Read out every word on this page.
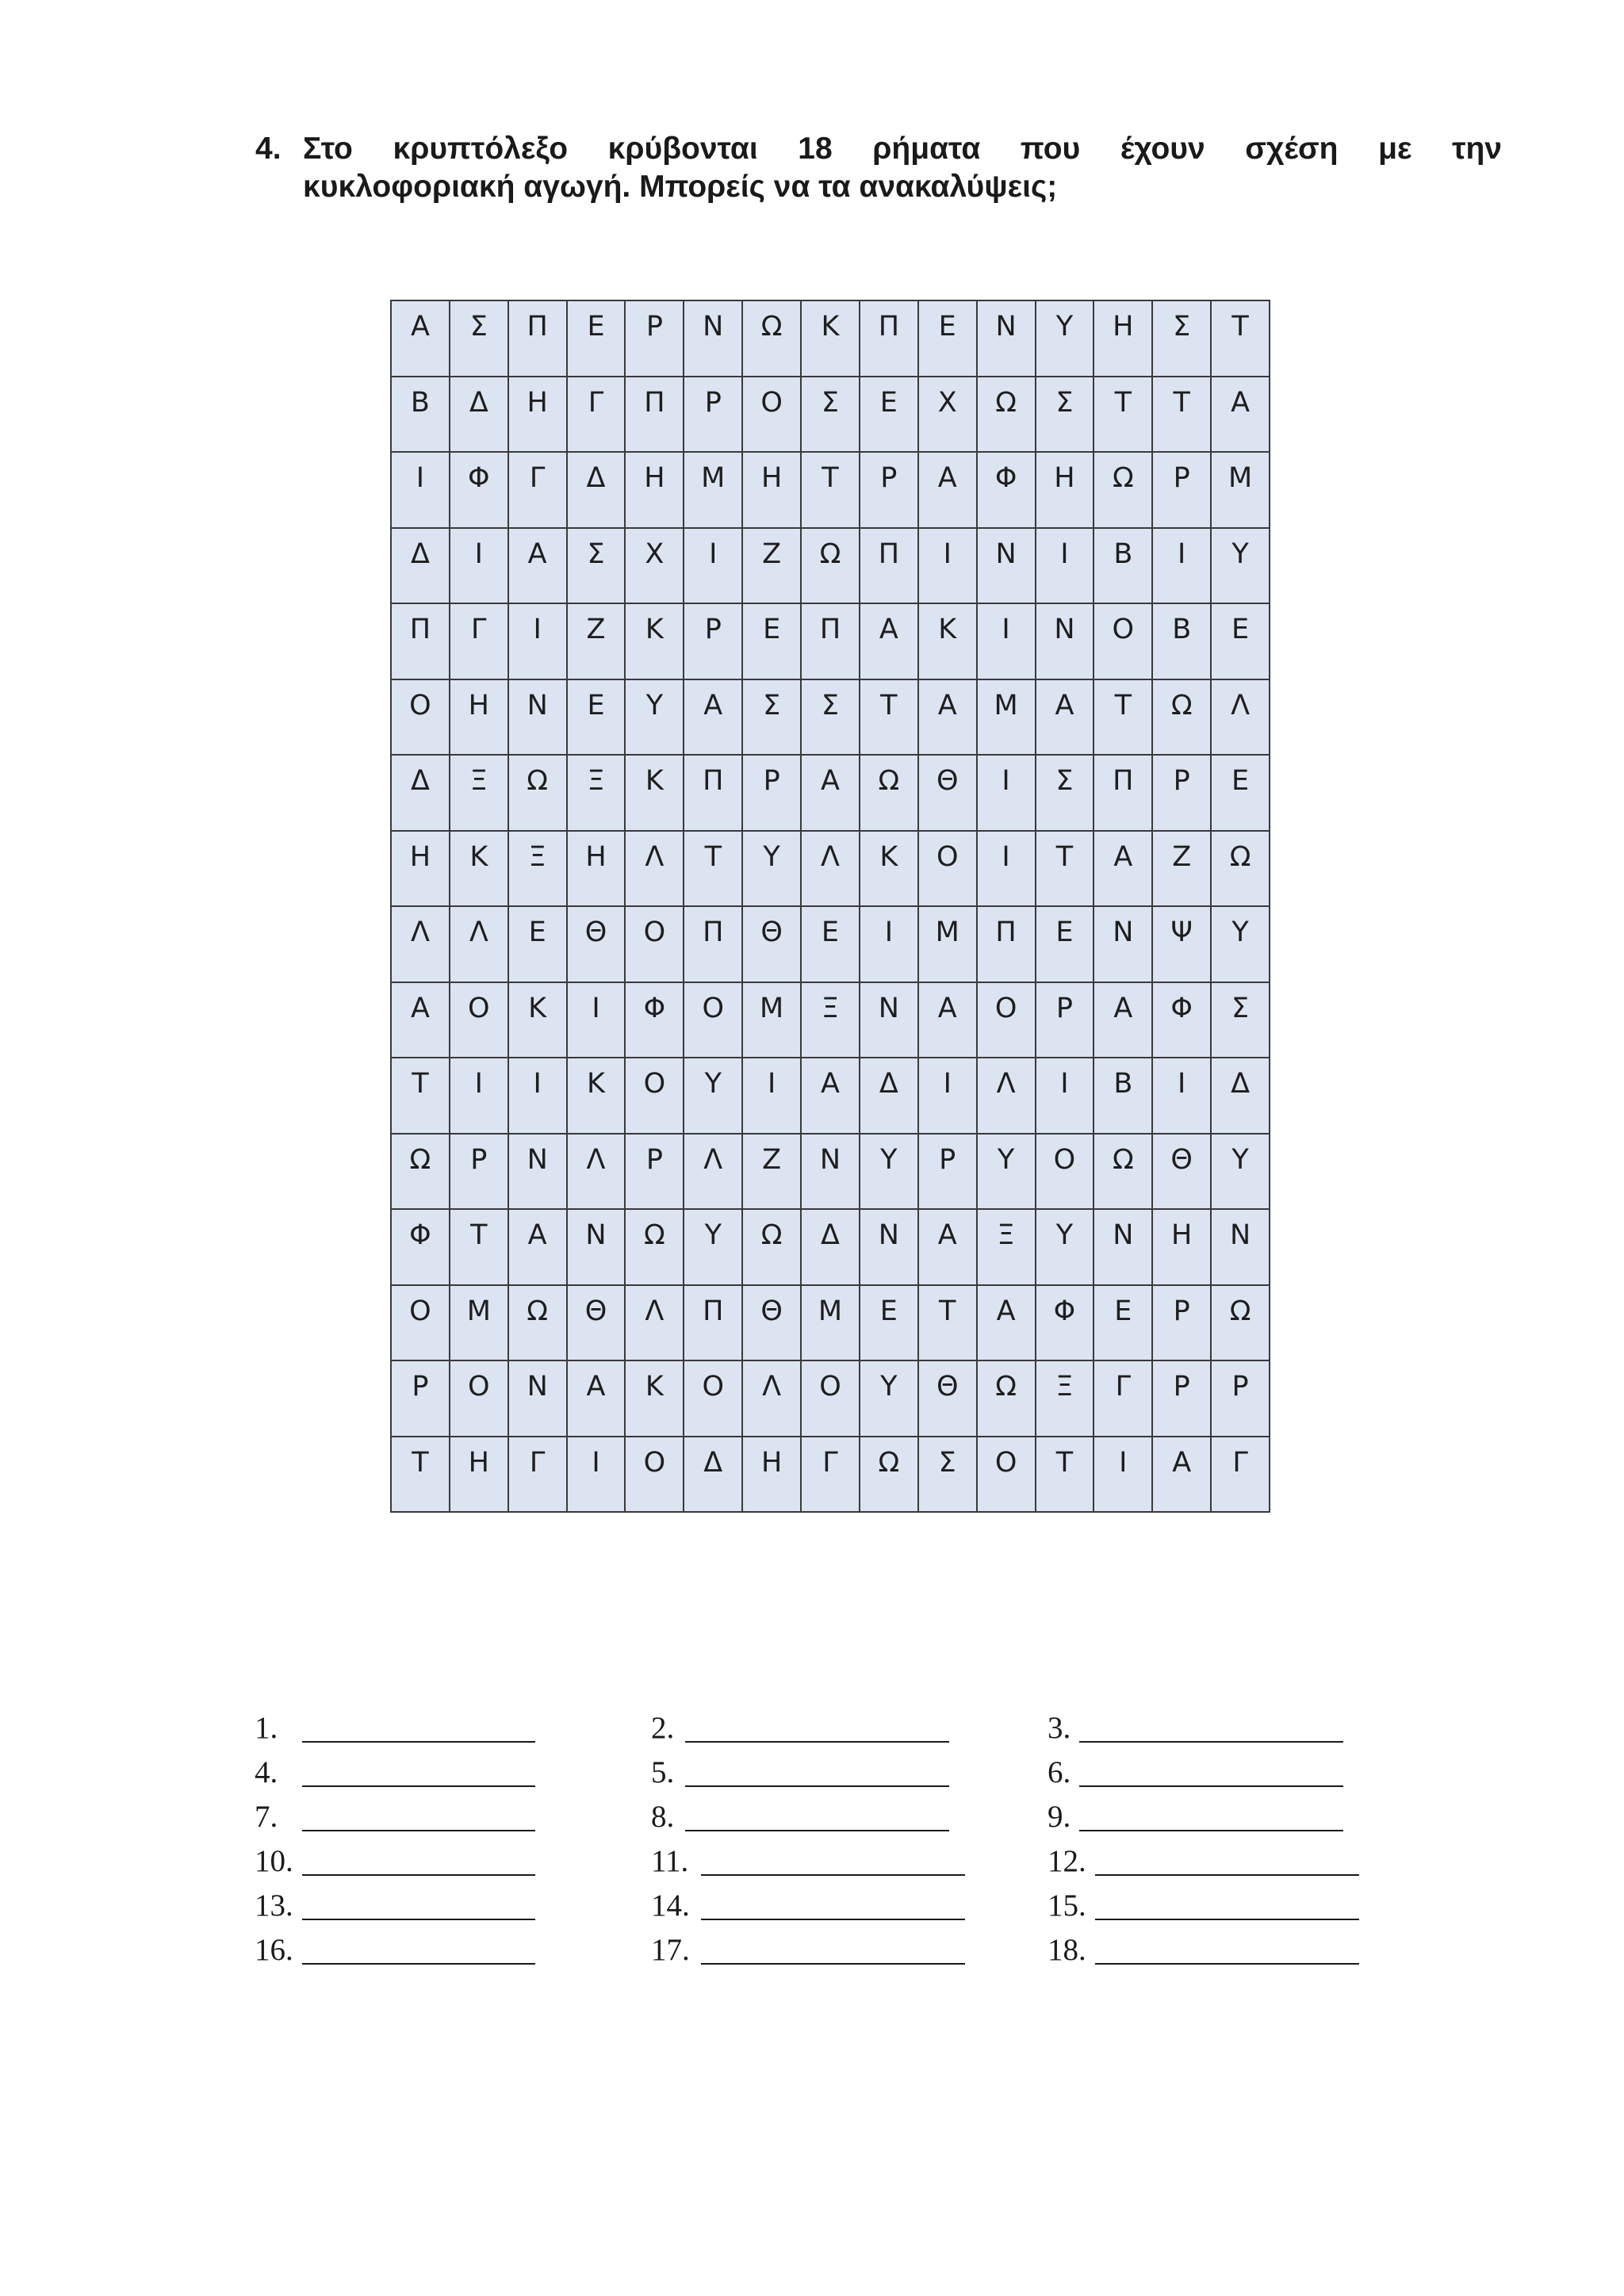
4. Στο κρυπτόλεξο κρύβονται 18 ρήματα που έχουν σχέση με την
κυκλοφοριακή αγωγή. Μπορείς να τα ανακαλύψεις;
Α	Σ	Π	Ε	Ρ	Ν	Ω	Κ	Π	Ε	Ν	Υ	Η	Σ	Τ
Β	Δ	Η	Γ	Π	Ρ	Ο	Σ	Ε	Χ	Ω	Σ	Τ	Τ	Α
Ι	Φ	Γ	Δ	Η	Μ	Η	Τ	Ρ	Α	Φ	Η	Ω	Ρ	Μ
Δ	Ι	Α	Σ	Χ	Ι	Ζ	Ω	Π	Ι	Ν	Ι	Β	Ι	Υ
Π	Γ	Ι	Ζ	Κ	Ρ	Ε	Π	Α	Κ	Ι	Ν	Ο	Β	Ε
Ο	Η	Ν	Ε	Υ	Α	Σ	Σ	Τ	Α	Μ	Α	Τ	Ω	Λ
Δ	Ξ	Ω	Ξ	Κ	Π	Ρ	Α	Ω	Θ	Ι	Σ	Π	Ρ	Ε
Η	Κ	Ξ	Η	Λ	Τ	Υ	Λ	Κ	Ο	Ι	Τ	Α	Ζ	Ω
Λ	Λ	Ε	Θ	Ο	Π	Θ	Ε	Ι	Μ	Π	Ε	Ν	Ψ	Υ
Α	Ο	Κ	Ι	Φ	Ο	Μ	Ξ	Ν	Α	Ο	Ρ	Α	Φ	Σ
Τ	Ι	Ι	Κ	Ο	Υ	Ι	Α	Δ	Ι	Λ	Ι	Β	Ι	Δ
Ω	Ρ	Ν	Λ	Ρ	Λ	Ζ	Ν	Υ	Ρ	Υ	Ο	Ω	Θ	Υ
Φ	Τ	Α	Ν	Ω	Υ	Ω	Δ	Ν	Α	Ξ	Υ	Ν	Η	Ν
Ο	Μ	Ω	Θ	Λ	Π	Θ	Μ	Ε	Τ	Α	Φ	Ε	Ρ	Ω
Ρ	Ο	Ν	Α	Κ	Ο	Λ	Ο	Υ	Θ	Ω	Ξ	Γ	Ρ	Ρ
Τ	Η	Γ	Ι	Ο	Δ	Η	Γ	Ω	Σ	Ο	Τ	Ι	Α	Γ
1.	2.	3.
4.	5.	6.
7.	8.	9.
10.	11.	12.
13.	14.	15.
16.	17.	18.
